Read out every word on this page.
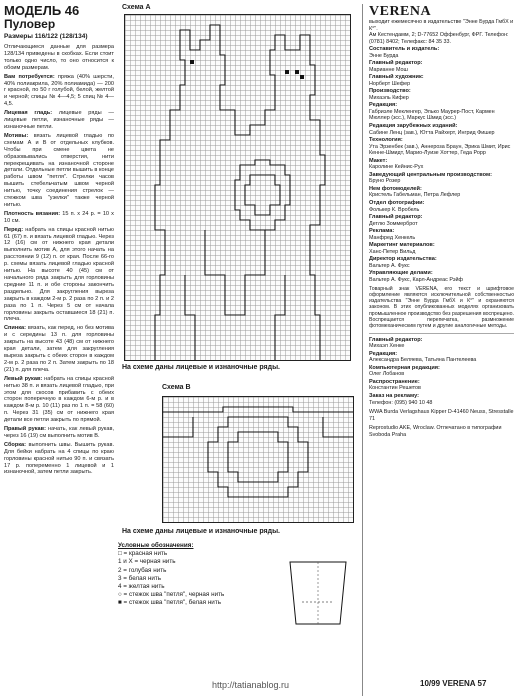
МОДЕЛЬ 46
Пуловер
Размеры 116/122 (128/134)

Отличающиеся данные для размера 128/134 приведены в скобках. Если стоит только одно число, то оно относится к обоим размерам.

Вам потребуется: пряжа (40% шерсти, 40% полиакрила, 20% полиамида) — 200 г красной, по 50 г голубой, белой, желтой и черной; спицы № 4—4,5; 5 спиц № 4—4,5.

Лицевая гладь: лицевые ряды — лицевые петли, изнаночные ряды — изнаночные петли.

Мотивы: вязать лицевой гладью по схемам А и В от отдельных клубков. Чтобы при смене цвета не образовывались отверстия, нити перекрещивать на изнаночной стороне детали. Отдельные петли вышить в конце работы швом "петля". Стрелки часов вышить стебельчатым швом черной нитью, точку соединения стрелок — стежком шва "узелки" также черной нитью.

Плотность вязания: 15 п. х 24 р. = 10 х 10 см.

Перед: набрать на спицы красной нитью 61 (67) п. и вязать лицевой гладью. Через 12 (16) см от нижнего края детали выполнить мотив А, для этого начать на расстоянии 9 (12) п. от края. После 66-го р. схемы вязать лицевой гладью красной нитью. На высоте 40 (45) см от начального ряда закрыть для горловины средние 11 п. и обе стороны закончить раздельно. Для закругления выреза закрыть в каждом 2-м р. 2 раза по 2 п. и 2 раза по 1 п. Через 5 см от начала горловины закрыть оставшиеся 18 (21) п. плеча.

Спинка: вязать, как перед, но без мотива и с середины 13 п. для горловины закрыть на высоте 43 (48) см от нижнего края детали, затем для закругления выреза закрыть с обеих сторон в каждом 2-м р. 2 раза по 2 п. Затем закрыть по 18 (21) п. для плеча.

Левый рукав: набрать на спицы красной нитью 38 п. и вязать лицевой гладью, при этом для скосов прибавить с обеих сторон поперечную в каждом 6-м р. и в каждом 8-м р. 10 (11) раз по 1 п. = 58 (60) п. Через 31 (35) см от нижнего края детали все петли закрыть по прямой.

Правый рукав: начать, как левый рукав, через 16 (19) см выполнить мотив В.

Сборка: выполнить швы. Вышить рукав. Для бейки набрать на 4 спицы по краю горловины красной нитью 90 п. и связать 17 р. попеременно 1 лицевой и 1 изнаночной, затем петли закрыть.

Схема А
На схеме даны лицевые и изнаночные ряды.
Схема В
На схеме даны лицевые и изнаночные ряды.
Условные обозначения:
□ = красная нить
1 и X = черная нить
2 = голубая нить
3 = белая нить
4 = желтая нить
○ = стежок шва "петля", черная нить
■ = стежок шва "петля", белая нить
VERENA
выходит ежемесячно в издательстве "Энне Бурда ГмбХ и К°".
Ам Кестендамм, 2; D-77652 Оффенбург, ФРГ. Телефон: (0781) 8402; Телефакс: 84 35 33.
Составитель и издатель:
Энне Бурда
Главный редактор:
Марианне Мош
Главный художник:
Норберт Шефер
Производство:
Михаэль Кифер
Редакция:
Габриэле Мекленгер, Элько Маурер-Пост, Кармен Мюллер (зсс.), Маркус Шмид (зсс.)
Редакция зарубежных изданий:
Сабине Ленц (зав.), Ютта Райхерт, Ингрид Фишер
Технология:
Ута Эрзенбек (зав.), Аннероза Браун, Эрика Шмит, Ирис Кенне-Шмидт, Марио-Луизе Хоттер, Геда Рорр
Макет:
Каролине Кейнис-Рух
Заведующий центральным производством:
Бруно Розер
Нем фотомоделей:
Кристель Габельман, Петра Лефлер
Отдел фотографии:
Фолькер К. Вробель
Главный редактор:
Детлю Зоммерброт
Реклама:
Манфред Хенкель
Маркетинг материалов:
Ханс-Петер Вильд
Директор издательства:
Вальтер А. Фукс
Управляющие делами:
Вальтер А. Фукс, Карл-Андреас Рэйф
Товарный знак VERENA, его текст и шрифтовое оформление являются исключительной собственностью издательства "Энне Бурда ГмбХ и К°" и охраняются законом. В этих опубликованных моделях организовать промышленное производство без разрешения воспрещено. Воспрещается перепечатка, размножение фотомеханическим путем и другие аналогичные методы.
Главный редактор:
Михаэл Хенке
Редакция:
Александра Беляева, Татьяна Пантелеева
Компьютерная редакция:
Олег Лобанов
Распространение:
Константин Решетов
Заказ на рекламу:
Телефон: (095) 940 10 48
WWA Burda Verlagshaus Kipper D-41460 Neuss, Stresstalle 71
Reprostudio AKE, Wroclaw. Отпечатано в типографии Svoboda Praha
http://tatianablog.ru	10/99 VERENA 57
